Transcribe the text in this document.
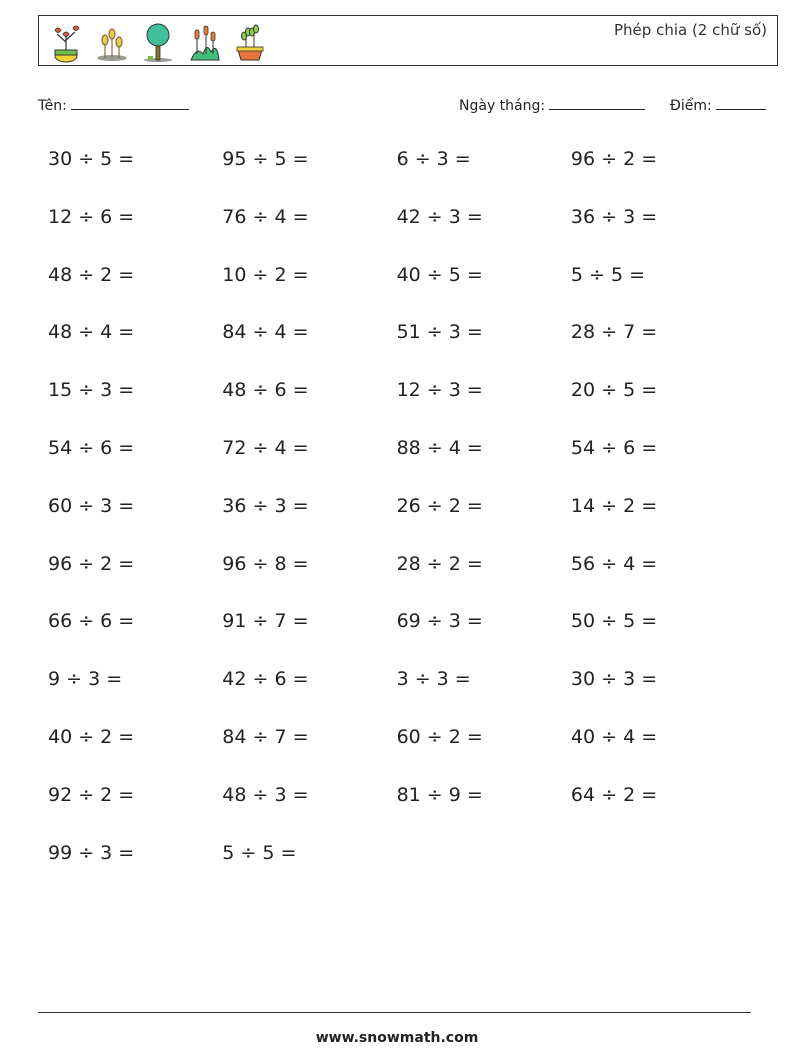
Phép chia (2 chữ số)
Tên:	Ngày tháng:	Điểm:
30 ÷ 5 =	95 ÷ 5 =	6 ÷ 3 =	96 ÷ 2 =
12 ÷ 6 =	76 ÷ 4 =	42 ÷ 3 =	36 ÷ 3 =
48 ÷ 2 =	10 ÷ 2 =	40 ÷ 5 =	5 ÷ 5 =
48 ÷ 4 =	84 ÷ 4 =	51 ÷ 3 =	28 ÷ 7 =
15 ÷ 3 =	48 ÷ 6 =	12 ÷ 3 =	20 ÷ 5 =
54 ÷ 6 =	72 ÷ 4 =	88 ÷ 4 =	54 ÷ 6 =
60 ÷ 3 =	36 ÷ 3 =	26 ÷ 2 =	14 ÷ 2 =
96 ÷ 2 =	96 ÷ 8 =	28 ÷ 2 =	56 ÷ 4 =
66 ÷ 6 =	91 ÷ 7 =	69 ÷ 3 =	50 ÷ 5 =
9 ÷ 3 =	42 ÷ 6 =	3 ÷ 3 =	30 ÷ 3 =
40 ÷ 2 =	84 ÷ 7 =	60 ÷ 2 =	40 ÷ 4 =
92 ÷ 2 =	48 ÷ 3 =	81 ÷ 9 =	64 ÷ 2 =
99 ÷ 3 =	5 ÷ 5 =
www.snowmath.com
